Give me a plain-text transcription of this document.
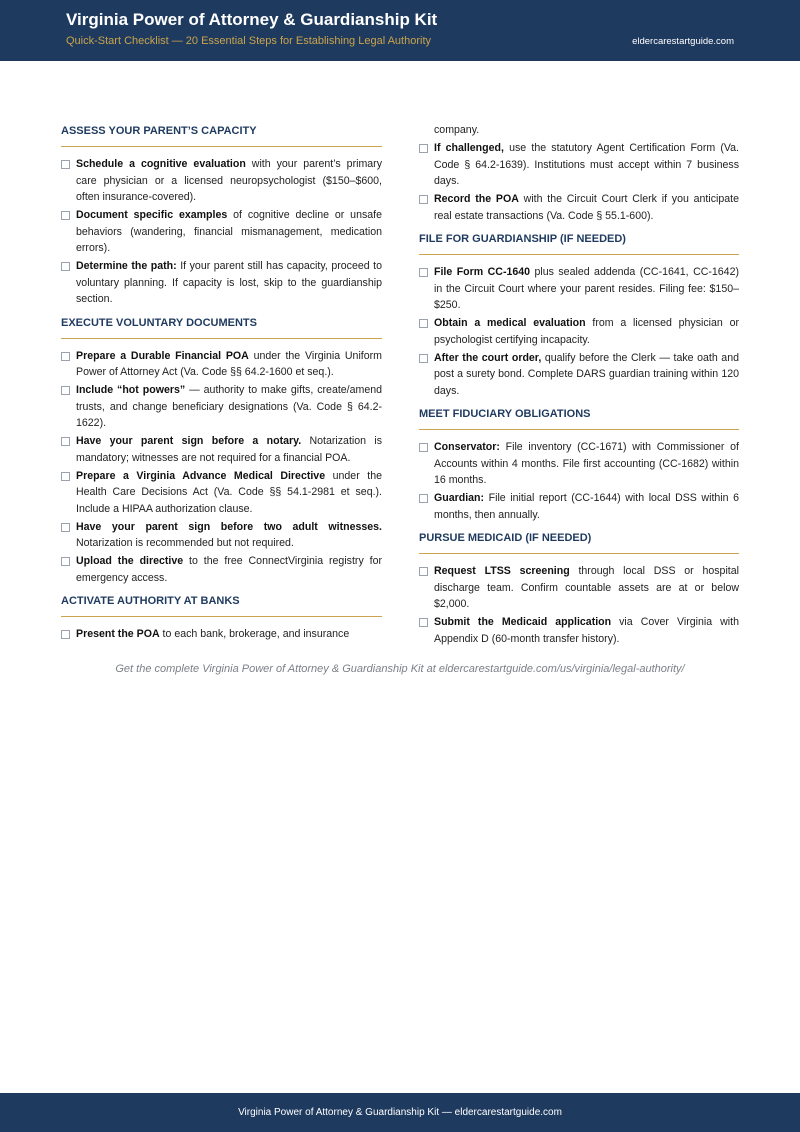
Virginia Power of Attorney & Guardianship Kit
Quick-Start Checklist — 20 Essential Steps for Establishing Legal Authority	eldercarestartguide.com
ASSESS YOUR PARENT’S CAPACITY
Schedule a cognitive evaluation with your parent’s primary care physician or a licensed neuropsychologist ($150–$600, often insurance-covered).
Document specific examples of cognitive decline or unsafe behaviors (wandering, financial mismanagement, medication errors).
Determine the path: If your parent still has capacity, proceed to voluntary planning. If capacity is lost, skip to the guardianship section.
EXECUTE VOLUNTARY DOCUMENTS
Prepare a Durable Financial POA under the Virginia Uniform Power of Attorney Act (Va. Code §§ 64.2-1600 et seq.).
Include “hot powers” — authority to make gifts, create/amend trusts, and change beneficiary designations (Va. Code § 64.2-1622).
Have your parent sign before a notary. Notarization is mandatory; witnesses are not required for a financial POA.
Prepare a Virginia Advance Medical Directive under the Health Care Decisions Act (Va. Code §§ 54.1-2981 et seq.). Include a HIPAA authorization clause.
Have your parent sign before two adult witnesses. Notarization is recommended but not required.
Upload the directive to the free ConnectVirginia registry for emergency access.
ACTIVATE AUTHORITY AT BANKS
Present the POA to each bank, brokerage, and insurance
company.
If challenged, use the statutory Agent Certification Form (Va. Code § 64.2-1639). Institutions must accept within 7 business days.
Record the POA with the Circuit Court Clerk if you anticipate real estate transactions (Va. Code § 55.1-600).
FILE FOR GUARDIANSHIP (IF NEEDED)
File Form CC-1640 plus sealed addenda (CC-1641, CC-1642) in the Circuit Court where your parent resides. Filing fee: $150–$250.
Obtain a medical evaluation from a licensed physician or psychologist certifying incapacity.
After the court order, qualify before the Clerk — take oath and post a surety bond. Complete DARS guardian training within 120 days.
MEET FIDUCIARY OBLIGATIONS
Conservator: File inventory (CC-1671) with Commissioner of Accounts within 4 months. File first accounting (CC-1682) within 16 months.
Guardian: File initial report (CC-1644) with local DSS within 6 months, then annually.
PURSUE MEDICAID (IF NEEDED)
Request LTSS screening through local DSS or hospital discharge team. Confirm countable assets are at or below $2,000.
Submit the Medicaid application via Cover Virginia with Appendix D (60-month transfer history).
Get the complete Virginia Power of Attorney & Guardianship Kit at eldercarestartguide.com/us/virginia/legal-authority/
Virginia Power of Attorney & Guardianship Kit — eldercarestartguide.com
